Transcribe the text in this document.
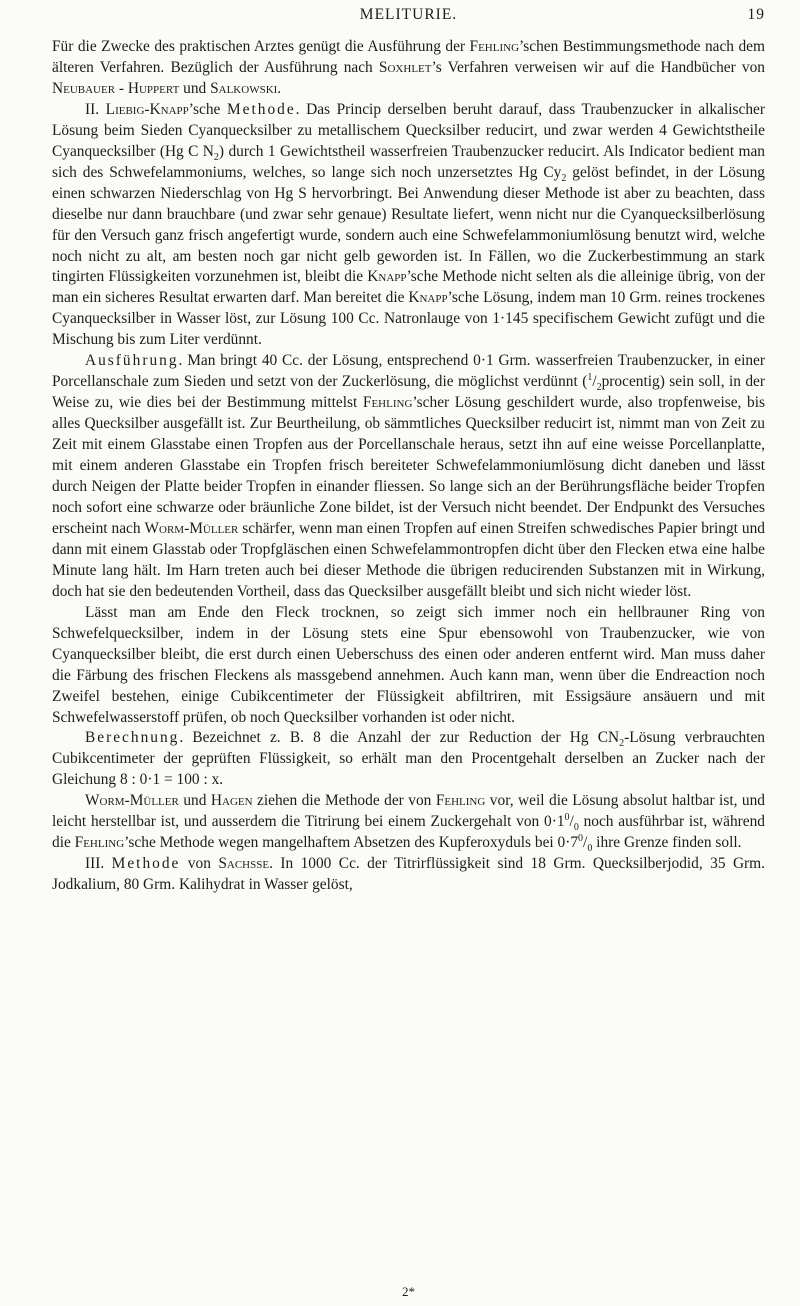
MELITURIE.	19

Für die Zwecke des praktischen Arztes genügt die Ausführung der Fehling’schen Bestimmungsmethode nach dem älteren Verfahren. Bezüglich der Ausführung nach Soxhlet’s Verfahren verweisen wir auf die Handbücher von Neubauer - Huppert und Salkowski.

II. Liebig-Knapp’sche Methode. Das Princip derselben beruht darauf, dass Traubenzucker in alkalischer Lösung beim Sieden Cyanquecksilber zu metallischem Quecksilber reducirt, und zwar werden 4 Gewichtstheile Cyanquecksilber (Hg C $N_2$) durch 1 Gewichtstheil wasserfreien Traubenzucker reducirt. Als Indicator bedient man sich des Schwefelammoniums, welches, so lange sich noch unzersetztes Hg $Cy_2$ gelöst befindet, in der Lösung einen schwarzen Niederschlag von Hg S hervorbringt. Bei Anwendung dieser Methode ist aber zu beachten, dass dieselbe nur dann brauchbare (und zwar sehr genaue) Resultate liefert, wenn nicht nur die Cyanquecksilberlösung für den Versuch ganz frisch angefertigt wurde, sondern auch eine Schwefelammoniumlösung benutzt wird, welche noch nicht zu alt, am besten noch gar nicht gelb geworden ist. In Fällen, wo die Zuckerbestimmung an stark tingirten Flüssigkeiten vorzunehmen ist, bleibt die Knapp’sche Methode nicht selten als die alleinige übrig, von der man ein sicheres Resultat erwarten darf. Man bereitet die Knapp’sche Lösung, indem man 10 Grm. reines trockenes Cyanquecksilber in Wasser löst, zur Lösung 100 Cc. Natronlauge von 1·145 specifischem Gewicht zufügt und die Mischung bis zum Liter verdünnt.

Ausführung. Man bringt 40 Cc. der Lösung, entsprechend 0·1 Grm. wasserfreien Traubenzucker, in einer Porcellanschale zum Sieden und setzt von der Zuckerlösung, die möglichst verdünnt $(^1/_2procentig)$ sein soll, in der Weise zu, wie dies bei der Bestimmung mittelst Fehling’scher Lösung geschildert wurde, also tropfenweise, bis alles Quecksilber ausgefällt ist. Zur Beurtheilung, ob sämmtliches Quecksilber reducirt ist, nimmt man von Zeit zu Zeit mit einem Glasstabe einen Tropfen aus der Porcellanschale heraus, setzt ihn auf eine weisse Porcellanplatte, mit einem anderen Glasstabe ein Tropfen frisch bereiteter Schwefelammoniumlösung dicht daneben und lässt durch Neigen der Platte beider Tropfen in einander fliessen. So lange sich an der Berührungsfläche beider Tropfen noch sofort eine schwarze oder bräunliche Zone bildet, ist der Versuch nicht beendet. Der Endpunkt des Versuches erscheint nach Worm-Müller schärfer, wenn man einen Tropfen auf einen Streifen schwedisches Papier bringt und dann mit einem Glasstab oder Tropfgläschen einen Schwefelammontropfen dicht über den Flecken etwa eine halbe Minute lang hält. Im Harn treten auch bei dieser Methode die übrigen reducirenden Substanzen mit in Wirkung, doch hat sie den bedeutenden Vortheil, dass das Quecksilber ausgefällt bleibt und sich nicht wieder löst.

Lässt man am Ende den Fleck trocknen, so zeigt sich immer noch ein hellbrauner Ring von Schwefelquecksilber, indem in der Lösung stets eine Spur ebensowohl von Traubenzucker, wie von Cyanquecksilber bleibt, die erst durch einen Ueberschuss des einen oder anderen entfernt wird. Man muss daher die Färbung des frischen Fleckens als massgebend annehmen. Auch kann man, wenn über die Endreaction noch Zweifel bestehen, einige Cubikcentimeter der Flüssigkeit abfiltriren, mit Essigsäure ansäuern und mit Schwefelwasserstoff prüfen, ob noch Quecksilber vorhanden ist oder nicht.

Berechnung. Bezeichnet z. B. 8 die Anzahl der zur Reduction der Hg $CN_2$-Lösung verbrauchten Cubikcentimeter der geprüften Flüssigkeit, so erhält man den Procentgehalt derselben an Zucker nach der Gleichung 8 : 0·1 = 100 : x.

Worm-Müller und Hagen ziehen die Methode der von Fehling vor, weil die Lösung absolut haltbar ist, und leicht herstellbar ist, und ausserdem die Titrirung bei einem Zuckergehalt von $0\cdot 1^0/_0$ noch ausführbar ist, während die Fehling’sche Methode wegen mangelhaftem Absetzen des Kupferoxyduls bei $0\cdot 7^0/_0$ ihre Grenze finden soll.

III. Methode von Sachsse. In 1000 Cc. der Titrirflüssigkeit sind 18 Grm. Quecksilberjodid, 35 Grm. Jodkalium, 80 Grm. Kalihydrat in Wasser gelöst,

2*
